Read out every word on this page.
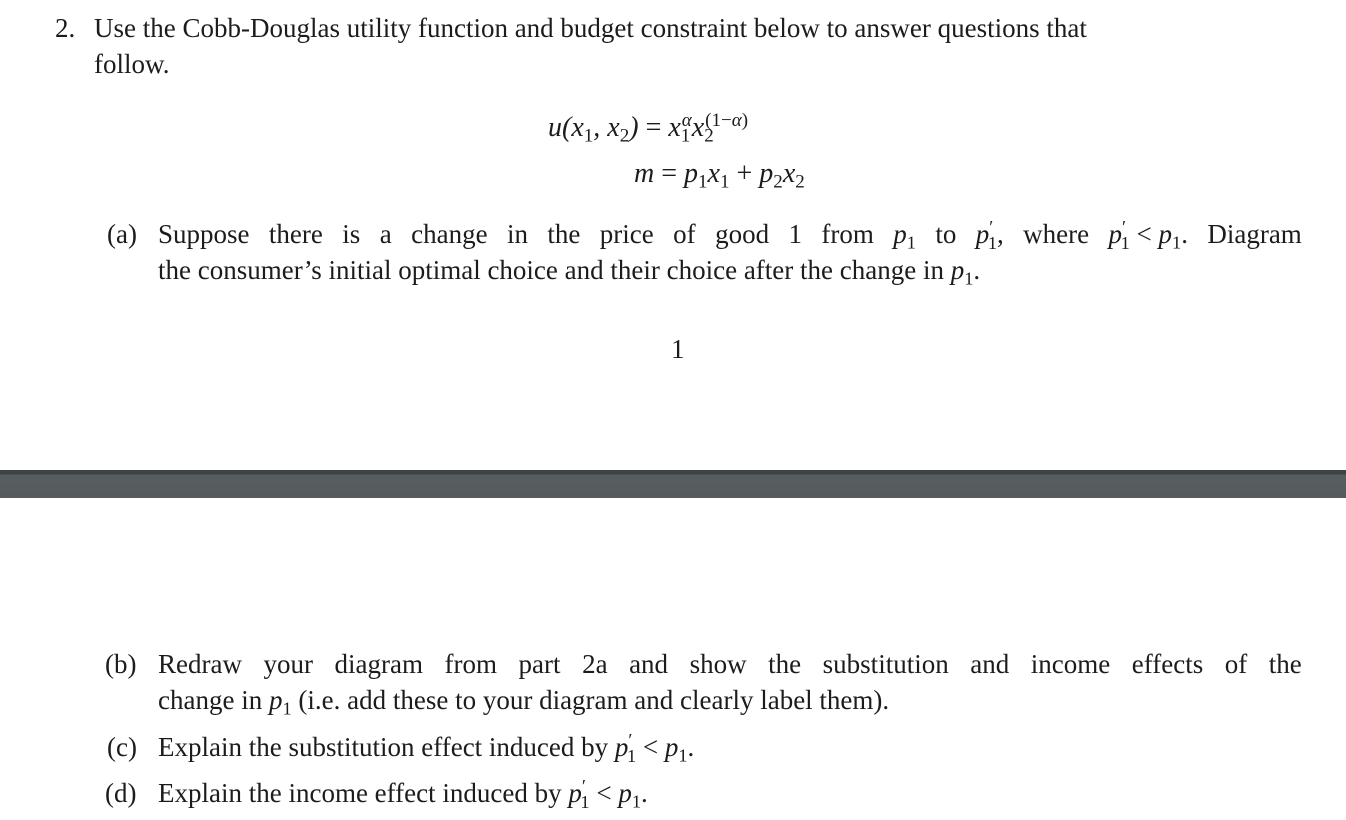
2. Use the Cobb-Douglas utility function and budget constraint below to answer questions that
follow.
$u(x_1$, $x_2) = x_1^\alpha x_2^{(1-\alpha)}$
$m = p_1x_1 + p_2x_2$
(a) Suppose there is a change in the price of good 1 from $p_1$ to $p'_1$, where $p'_1 < p_1$. Diagram
the consumer’s initial optimal choice and their choice after the change in $p_1$.
1
(b) Redraw your diagram from part 2a and show the substitution and income effects of the
change in $p_1$ (i.e. add these to your diagram and clearly label them).
(c) Explain the substitution effect induced by $p'_1 < p_1$.
(d) Explain the income effect induced by $p'_1 < p_1$.
